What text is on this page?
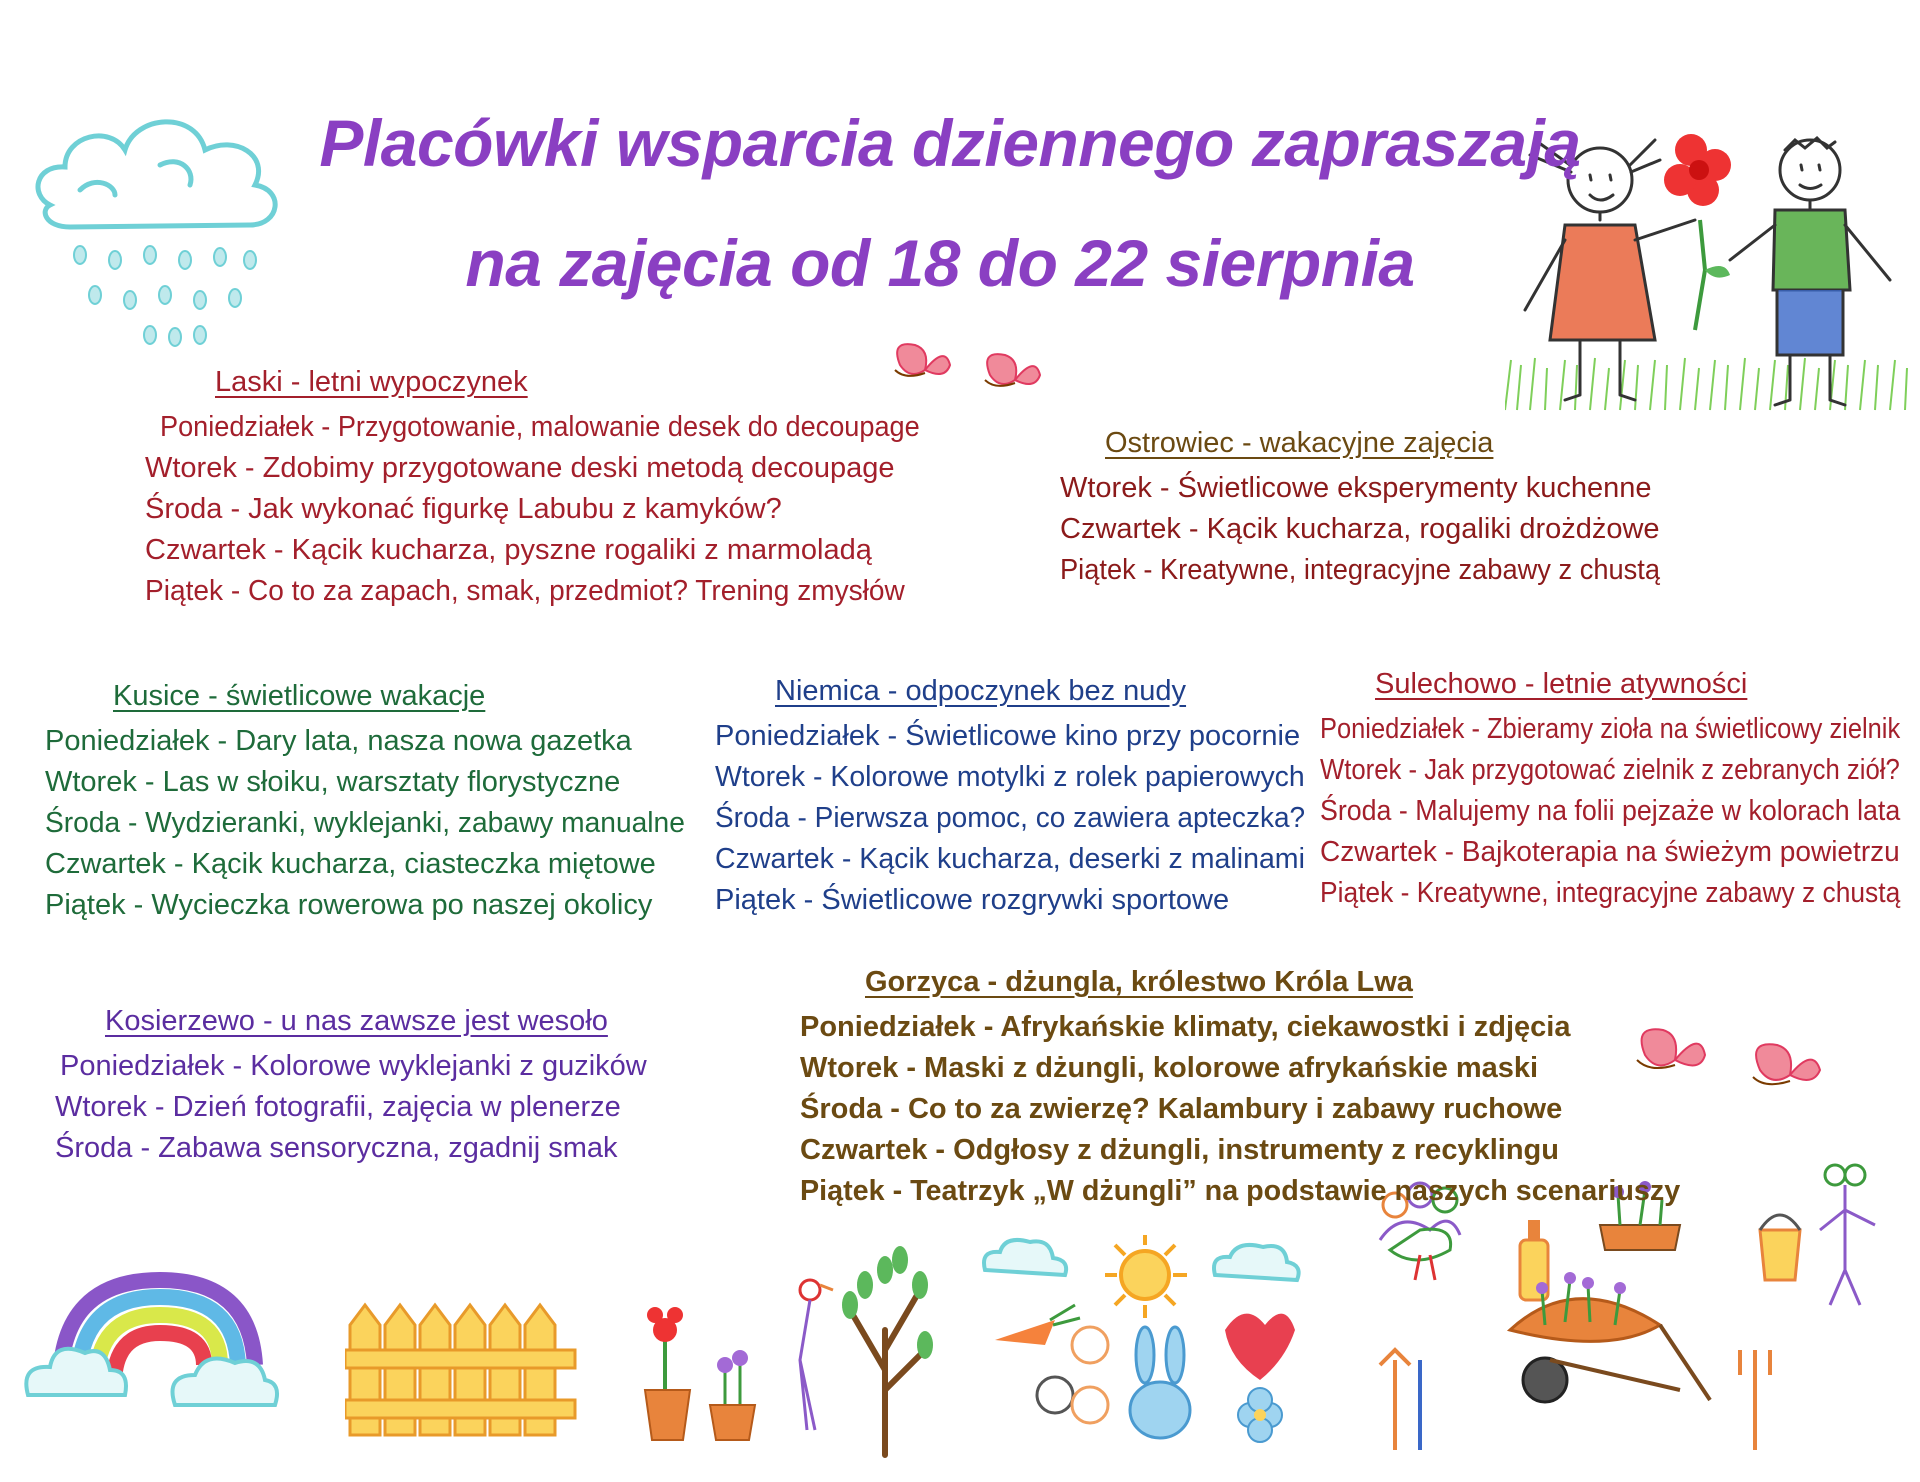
Placówki wsparcia dziennego zapraszają
na zajęcia od 18 do 22 sierpnia
Laski - letni wypoczynek
Poniedziałek - Przygotowanie, malowanie desek do decoupage
Wtorek - Zdobimy przygotowane deski metodą decoupage
Środa - Jak wykonać figurkę Labubu z kamyków?
Czwartek - Kącik kucharza, pyszne rogaliki z marmoladą
Piątek - Co to za zapach, smak, przedmiot? Trening zmysłów
Ostrowiec - wakacyjne zajęcia
Wtorek - Świetlicowe eksperymenty kuchenne
Czwartek - Kącik kucharza, rogaliki drożdżowe
Piątek - Kreatywne, integracyjne zabawy z chustą
Kusice - świetlicowe wakacje
Poniedziałek - Dary lata, nasza nowa gazetka
Wtorek - Las w słoiku, warsztaty florystyczne
Środa - Wydzieranki, wyklejanki, zabawy manualne
Czwartek - Kącik kucharza, ciasteczka miętowe
Piątek - Wycieczka rowerowa po naszej okolicy
Niemica - odpoczynek bez nudy
Poniedziałek - Świetlicowe kino przy pocornie
Wtorek - Kolorowe motylki z rolek papierowych
Środa - Pierwsza pomoc, co zawiera apteczka?
Czwartek - Kącik kucharza, deserki z malinami
Piątek - Świetlicowe rozgrywki sportowe
Sulechowo - letnie atywności
Poniedziałek - Zbieramy zioła na świetlicowy zielnik
Wtorek - Jak przygotować zielnik z zebranych ziół?
Środa - Malujemy na folii pejzaże w kolorach lata
Czwartek - Bajkoterapia na świeżym powietrzu
Piątek - Kreatywne, integracyjne zabawy z chustą
Gorzyca - dżungla, królestwo Króla Lwa
Poniedziałek - Afrykańskie klimaty, ciekawostki i zdjęcia
Wtorek - Maski z dżungli, kolorowe afrykańskie maski
Środa - Co to za zwierzę? Kalambury i zabawy ruchowe
Czwartek - Odgłosy z dżungli, instrumenty z recyklingu
Piątek - Teatrzyk „W dżungli” na podstawie naszych scenariuszy
Kosierzewo - u nas zawsze jest wesoło
Poniedziałek - Kolorowe wyklejanki z guzików
Wtorek - Dzień fotografii, zajęcia w plenerze
Środa - Zabawa sensoryczna, zgadnij smak
